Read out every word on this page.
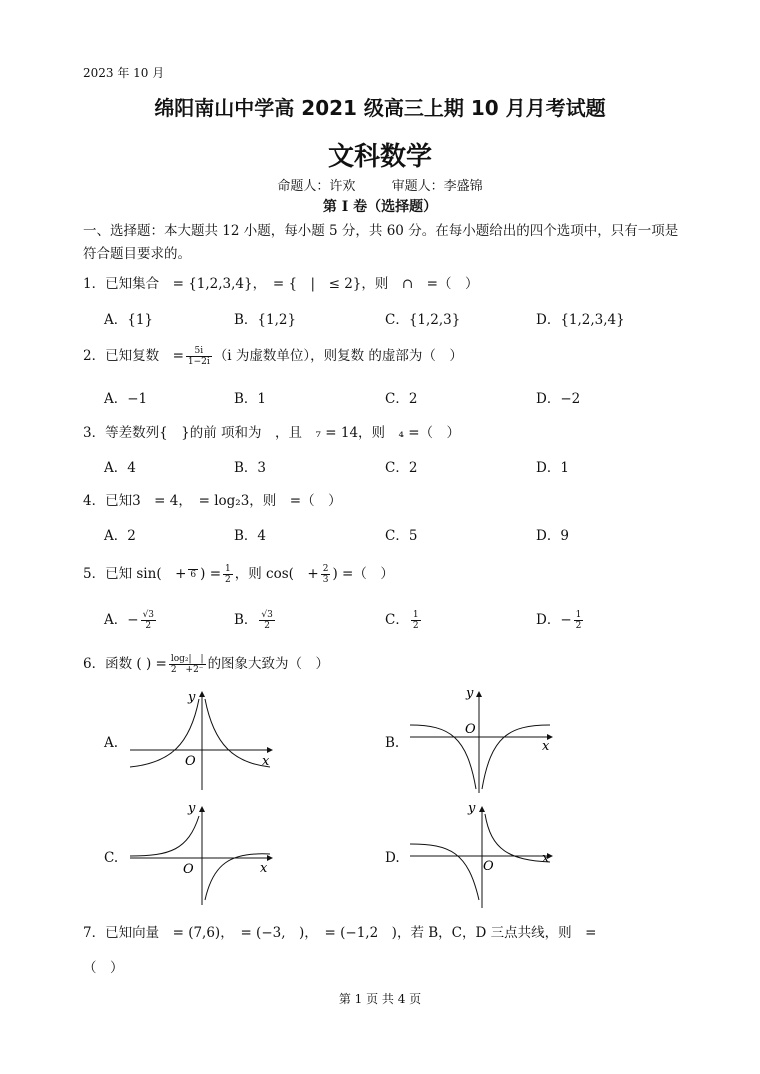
2023 年 10 月
绵阳南山中学高 2021 级高三上期 10 月月考试题
文科数学
命题人：许欢	审题人：李盛锦
第 I 卷（选择题）
一、选择题：本大题共 12 小题，每小题 5 分，共 60 分。在每小题给出的四个选项中，只有一项是符合题目要求的。
1．已知集合　= {1,2,3,4}，　= {　|　≤ 2}，则　∩　=（　）
A．{1}	B．{1,2}	C．{1,2,3}	D．{1,2,3,4}
2．已知复数　= $\frac{5i}{1-2i} (i$ 为虚数单位），则复数 的虚部为（　）
A．−1	B．1	C．2	D．−2
3．等差数列{　}的前 项和为　，且　₇ = 14，则　₄ =（　）
A．4	B．3	C．2	D．1
4．已知3　= 4，　= log₂3，则　=（　）
A．2	B．4	C．5	D．9
5．已知 sin(　+ 6 ) = $\frac{1}{2}$ ，则 cos(　+ $\frac{2}{3}$ ) =（　）
A．− $\frac{√3}{2}$	B． $\frac{√3}{2}$	C． $\frac{1}{2}$	D．− $\frac{1}{2}$
6．函数 ( ) = $\frac{\text{log₂|　|}}{2 +2^-}$ 的图象大致为（　）
A.	B.
C.	D.
x
y
O
x
y
O
x
y
O
x
y
O
7．已知向量　= (7,6)，　= (−3,　)，　= (−1,2　)，若 B，C，D 三点共线，则　=
（　）
第 1 页 共 4 页
